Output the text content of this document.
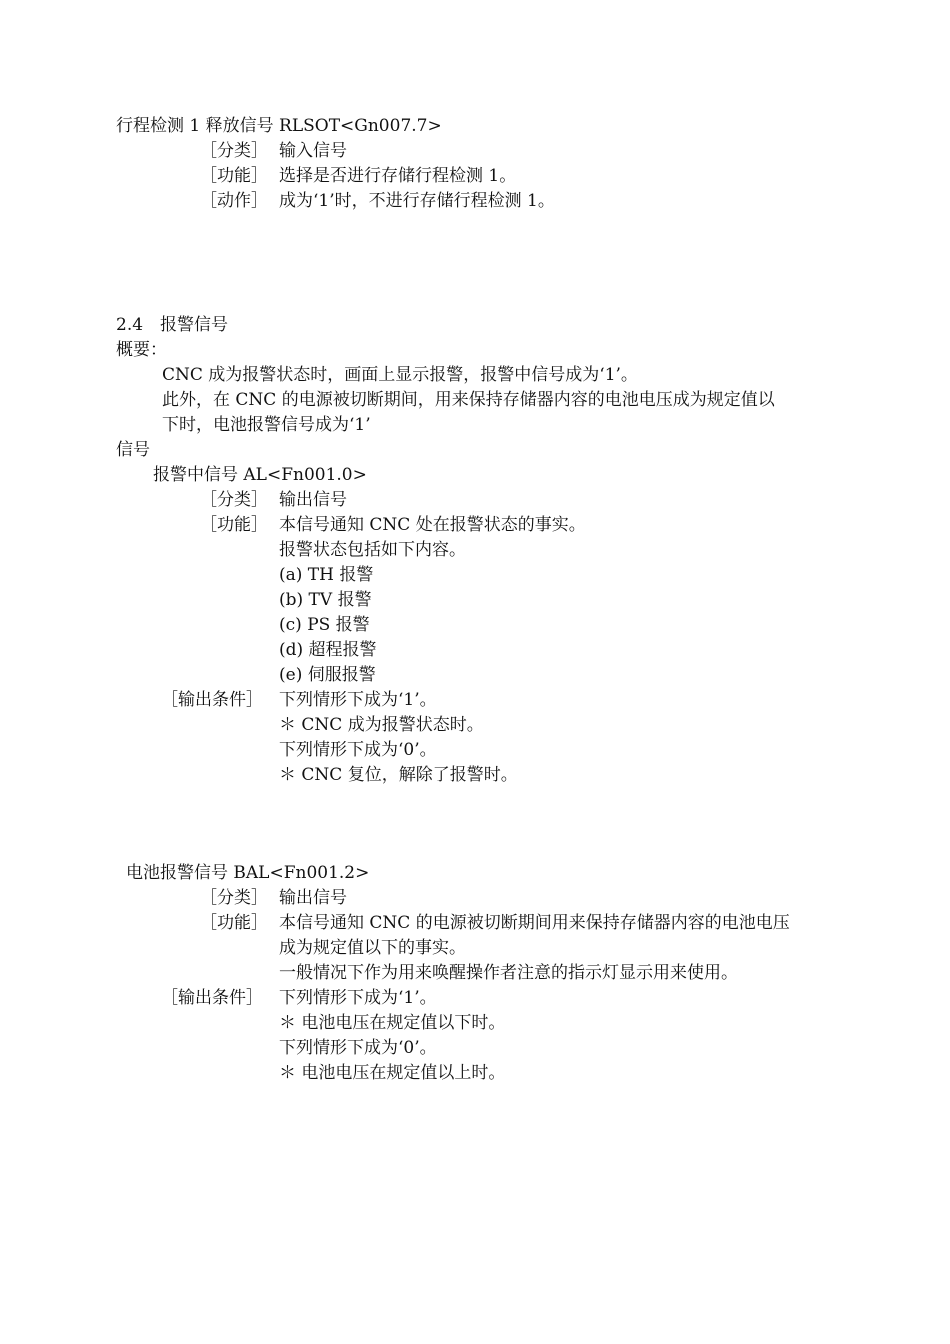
行程检测 1 释放信号 RLSOT<Gn007.7>
［分类］ 输入信号
［功能］ 选择是否进行存储行程检测 1。
［动作］ 成为‘1’时，不进行存储行程检测 1。
2.4　报警信号
概要：
CNC 成为报警状态时，画面上显示报警，报警中信号成为‘1’。
此外，在 CNC 的电源被切断期间，用来保持存储器内容的电池电压成为规定值以
下时，电池报警信号成为‘1’
信号
报警中信号 AL<Fn001.0>
［分类］ 输出信号
［功能］ 本信号通知 CNC 处在报警状态的事实。
报警状态包括如下内容。
(a) TH 报警
(b) TV 报警
(c) PS 报警
(d) 超程报警
(e) 伺服报警
［输出条件］ 下列情形下成为‘1’。
＊ CNC 成为报警状态时。
下列情形下成为‘0’。
＊ CNC 复位，解除了报警时。
电池报警信号 BAL<Fn001.2>
［分类］ 输出信号
［功能］ 本信号通知 CNC 的电源被切断期间用来保持存储器内容的电池电压
成为规定值以下的事实。
一般情况下作为用来唤醒操作者注意的指示灯显示用来使用。
［输出条件］ 下列情形下成为‘1’。
＊ 电池电压在规定值以下时。
下列情形下成为‘0’。
＊ 电池电压在规定值以上时。
